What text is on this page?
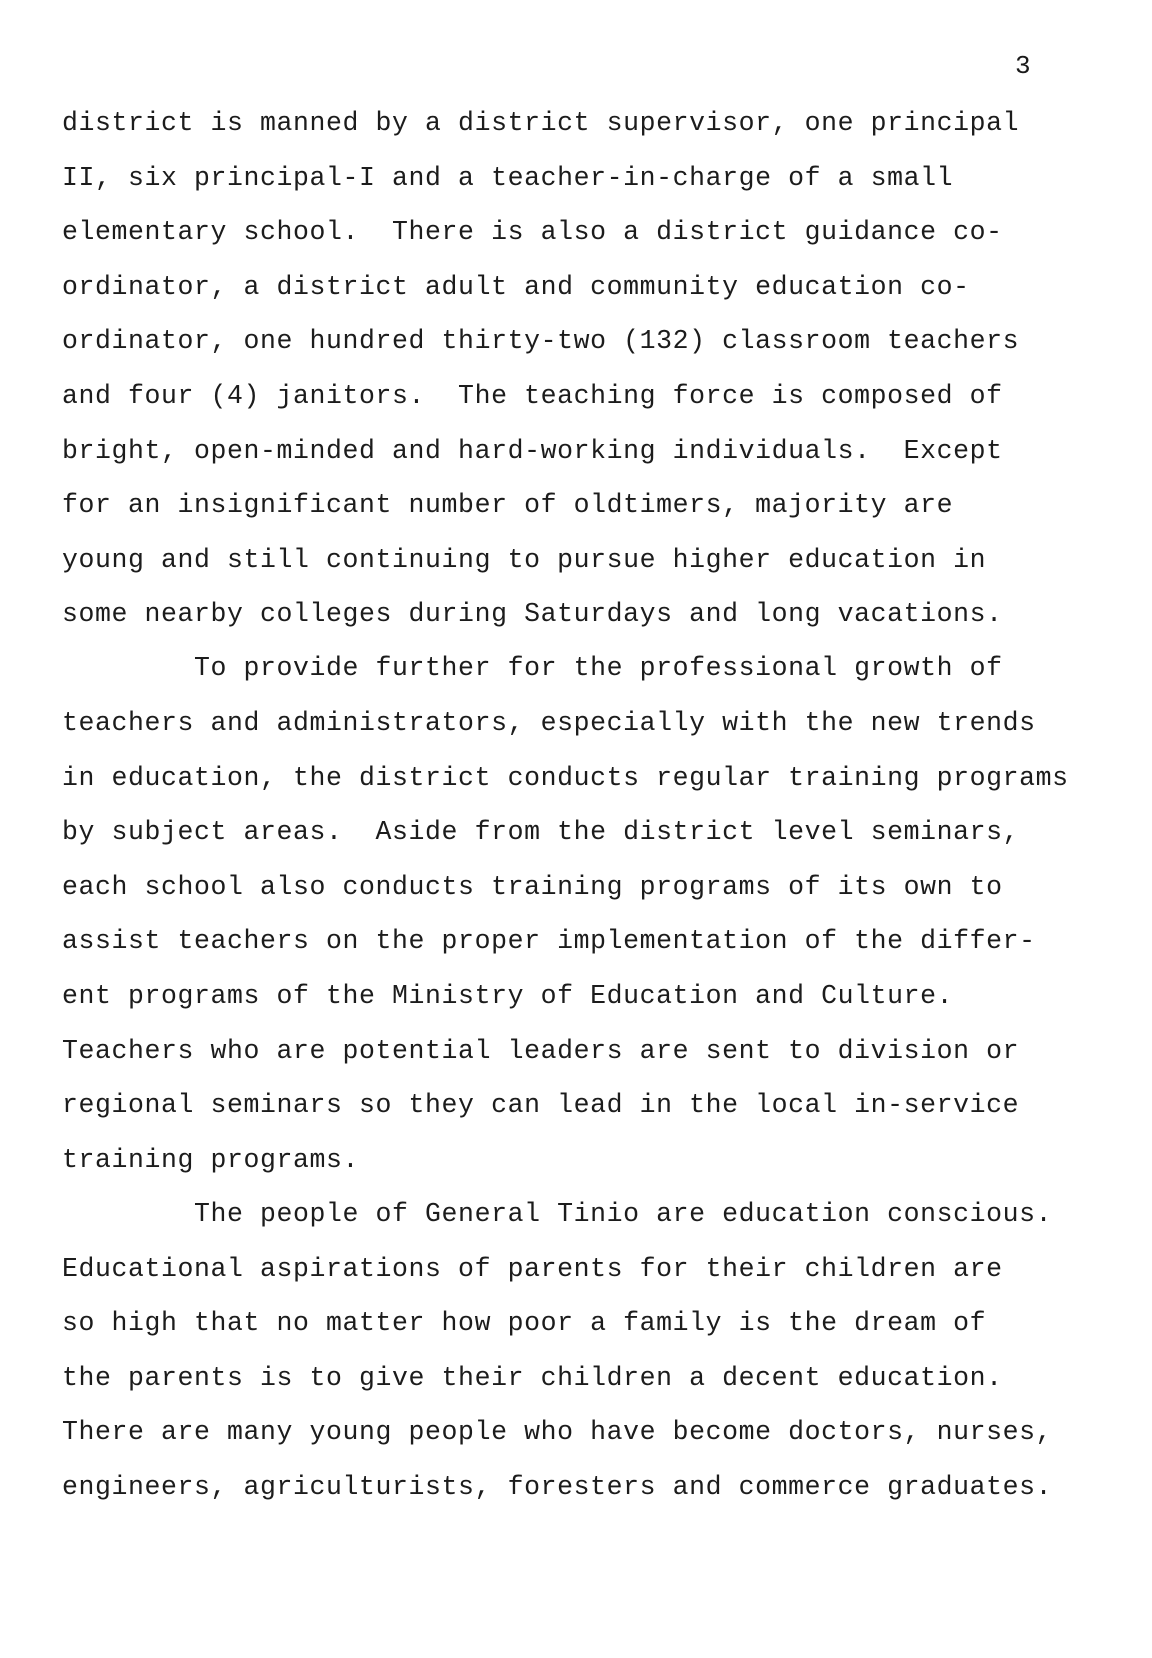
3
district is manned by a district supervisor, one principal
II, six principal-I and a teacher-in-charge of a small
elementary school.  There is also a district guidance co-
ordinator, a district adult and community education co-
ordinator, one hundred thirty-two (132) classroom teachers
and four (4) janitors.  The teaching force is composed of
bright, open-minded and hard-working individuals.  Except
for an insignificant number of oldtimers, majority are
young and still continuing to pursue higher education in
some nearby colleges during Saturdays and long vacations.
To provide further for the professional growth of
teachers and administrators, especially with the new trends
in education, the district conducts regular training programs
by subject areas.  Aside from the district level seminars,
each school also conducts training programs of its own to
assist teachers on the proper implementation of the differ-
ent programs of the Ministry of Education and Culture.
Teachers who are potential leaders are sent to division or
regional seminars so they can lead in the local in-service
training programs.
The people of General Tinio are education conscious.
Educational aspirations of parents for their children are
so high that no matter how poor a family is the dream of
the parents is to give their children a decent education.
There are many young people who have become doctors, nurses,
engineers, agriculturists, foresters and commerce graduates.
